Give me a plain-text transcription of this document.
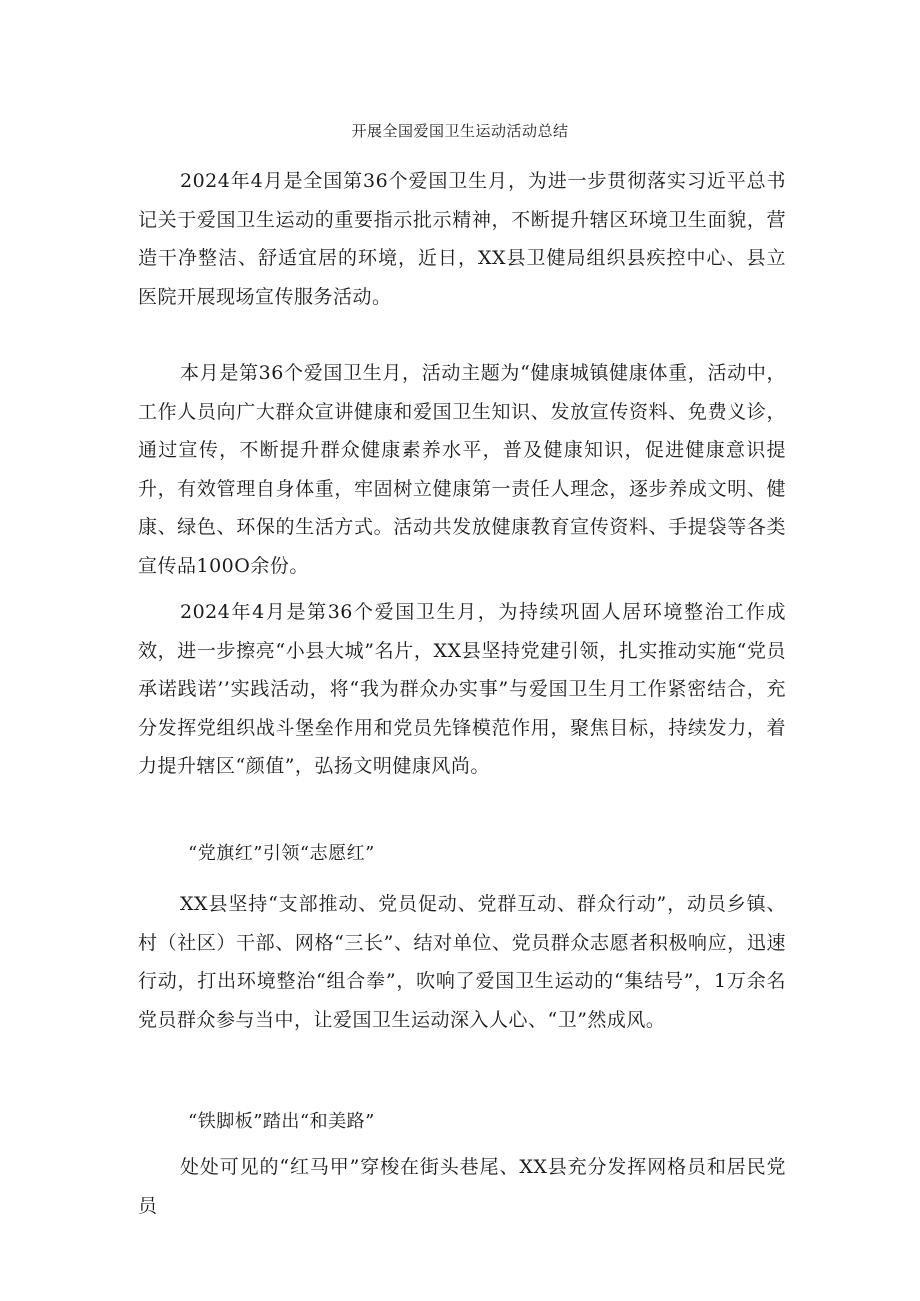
开展全国爱国卫生运动活动总结

2024年4月是全国第36个爱国卫生月，为进一步贯彻落实习近平总书记关于爱国卫生运动的重要指示批示精神，不断提升辖区环境卫生面貌，营造干净整洁、舒适宜居的环境，近日，XX县卫健局组织县疾控中心、县立医院开展现场宣传服务活动。

本月是第36个爱国卫生月，活动主题为“健康城镇健康体重，活动中，工作人员向广大群众宣讲健康和爱国卫生知识、发放宣传资料、免费义诊，通过宣传，不断提升群众健康素养水平，普及健康知识，促进健康意识提升，有效管理自身体重，牢固树立健康第一责任人理念，逐步养成文明、健康、绿色、环保的生活方式。活动共发放健康教育宣传资料、手提袋等各类宣传品100O余份。

2024年4月是第36个爱国卫生月，为持续巩固人居环境整治工作成效，进一步擦亮“小县大城”名片，XX县坚持党建引领，扎实推动实施“党员承诺践诺’’实践活动，将“我为群众办实事”与爱国卫生月工作紧密结合，充分发挥党组织战斗堡垒作用和党员先锋模范作用，聚焦目标，持续发力，着力提升辖区“颜值”，弘扬文明健康风尚。

“党旗红”引领“志愿红”

XX县坚持“支部推动、党员促动、党群互动、群众行动”，动员乡镇、村（社区）干部、网格“三长”、结对单位、党员群众志愿者积极响应，迅速行动，打出环境整治“组合拳”，吹响了爱国卫生运动的“集结号”，1万余名党员群众参与当中，让爱国卫生运动深入人心、“卫”然成风。

“铁脚板”踏出“和美路”

处处可见的“红马甲”穿梭在街头巷尾、XX县充分发挥网格员和居民党员
